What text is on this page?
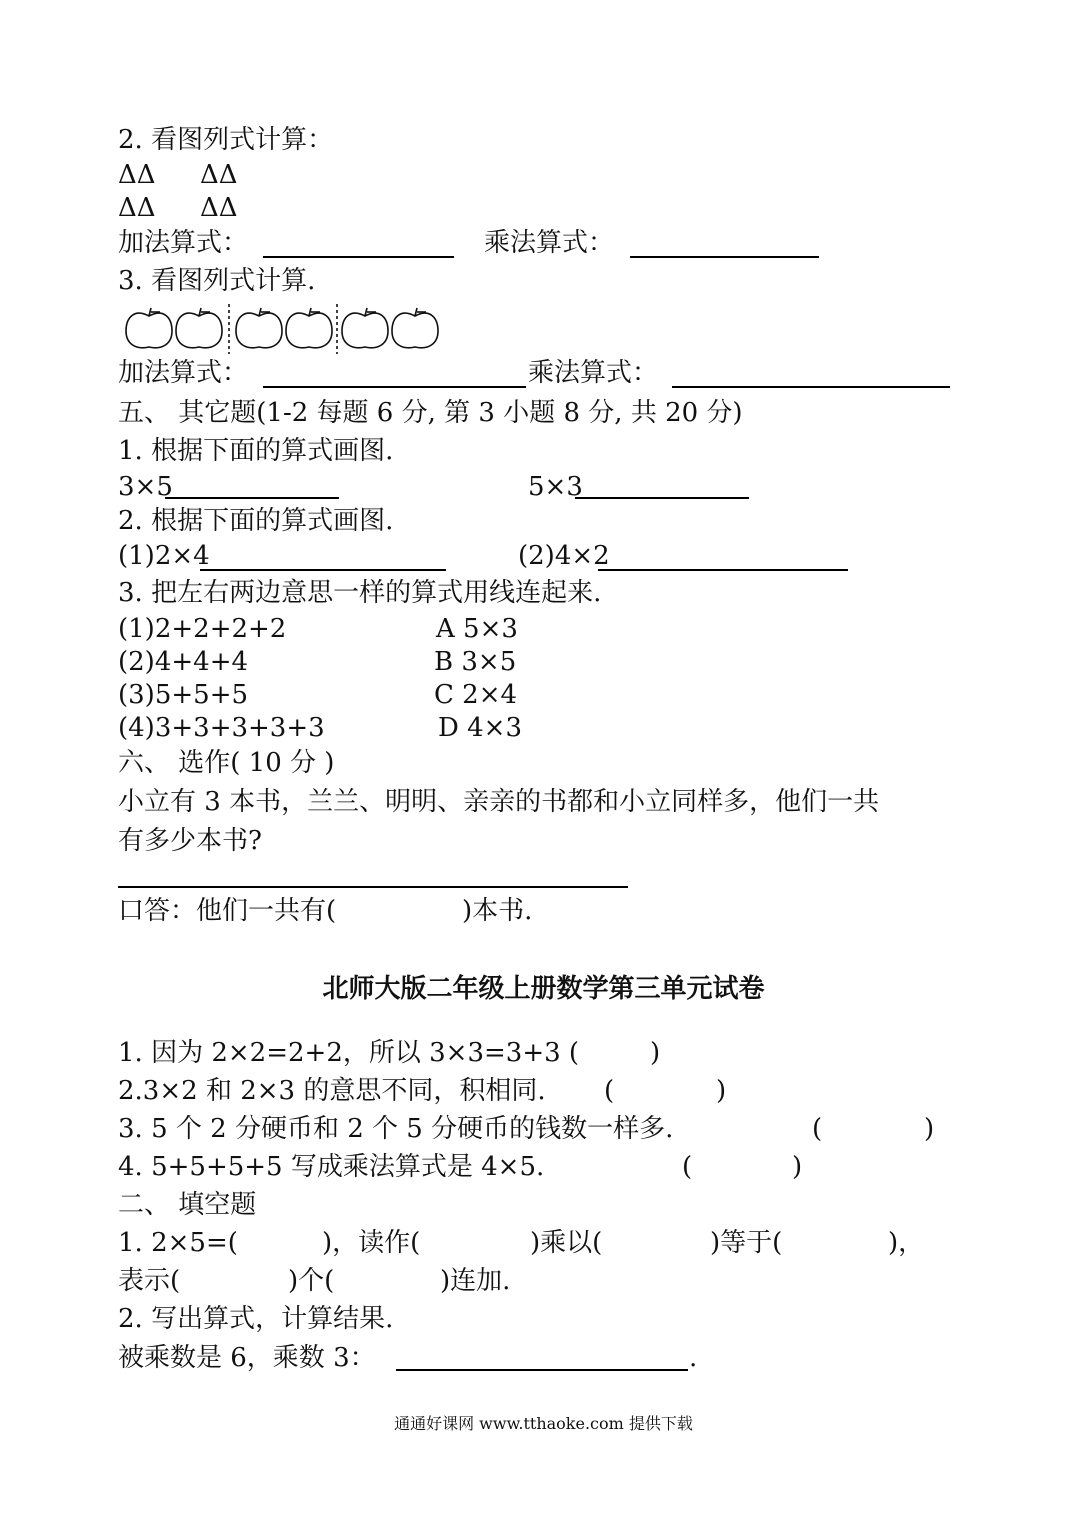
2. 看图列式计算：
ΔΔ ΔΔ
ΔΔ ΔΔ
加法算式：	乘法算式：
3. 看图列式计算.
加法算式：	乘法算式：
五、 其它题(1-2 每题 6 分, 第 3 小题 8 分, 共 20 分)
1. 根据下面的算式画图.
3×5	5×3
2. 根据下面的算式画图.
(1)2×4	(2)4×2
3. 把左右两边意思一样的算式用线连起来.
(1)2+2+2+2	A 5×3
(2)4+4+4	B 3×5
(3)5+5+5	C 2×4
(4)3+3+3+3+3	D 4×3
六、 选作( 10 分 )
小立有 3 本书，兰兰、明明、亲亲的书都和小立同样多，他们一共
有多少本书?
口答：他们一共有(	)本书.
北师大版二年级上册数学第三单元试卷
1. 因为 2×2=2+2，所以 3×3=3+3 (	)
2.3×2 和 2×3 的意思不同，积相同. (	)
3. 5 个 2 分硬币和 2 个 5 分硬币的钱数一样多.	(	)
4. 5+5+5+5 写成乘法算式是 4×5.	(	)
二、 填空题
1. 2×5=(	)，读作(	)乘以(	)等于(	)，
表示(	)个(	)连加.
2. 写出算式，计算结果.
被乘数是 6，乘数 3：	.
通通好课网 www.tthaoke.com 提供下载
